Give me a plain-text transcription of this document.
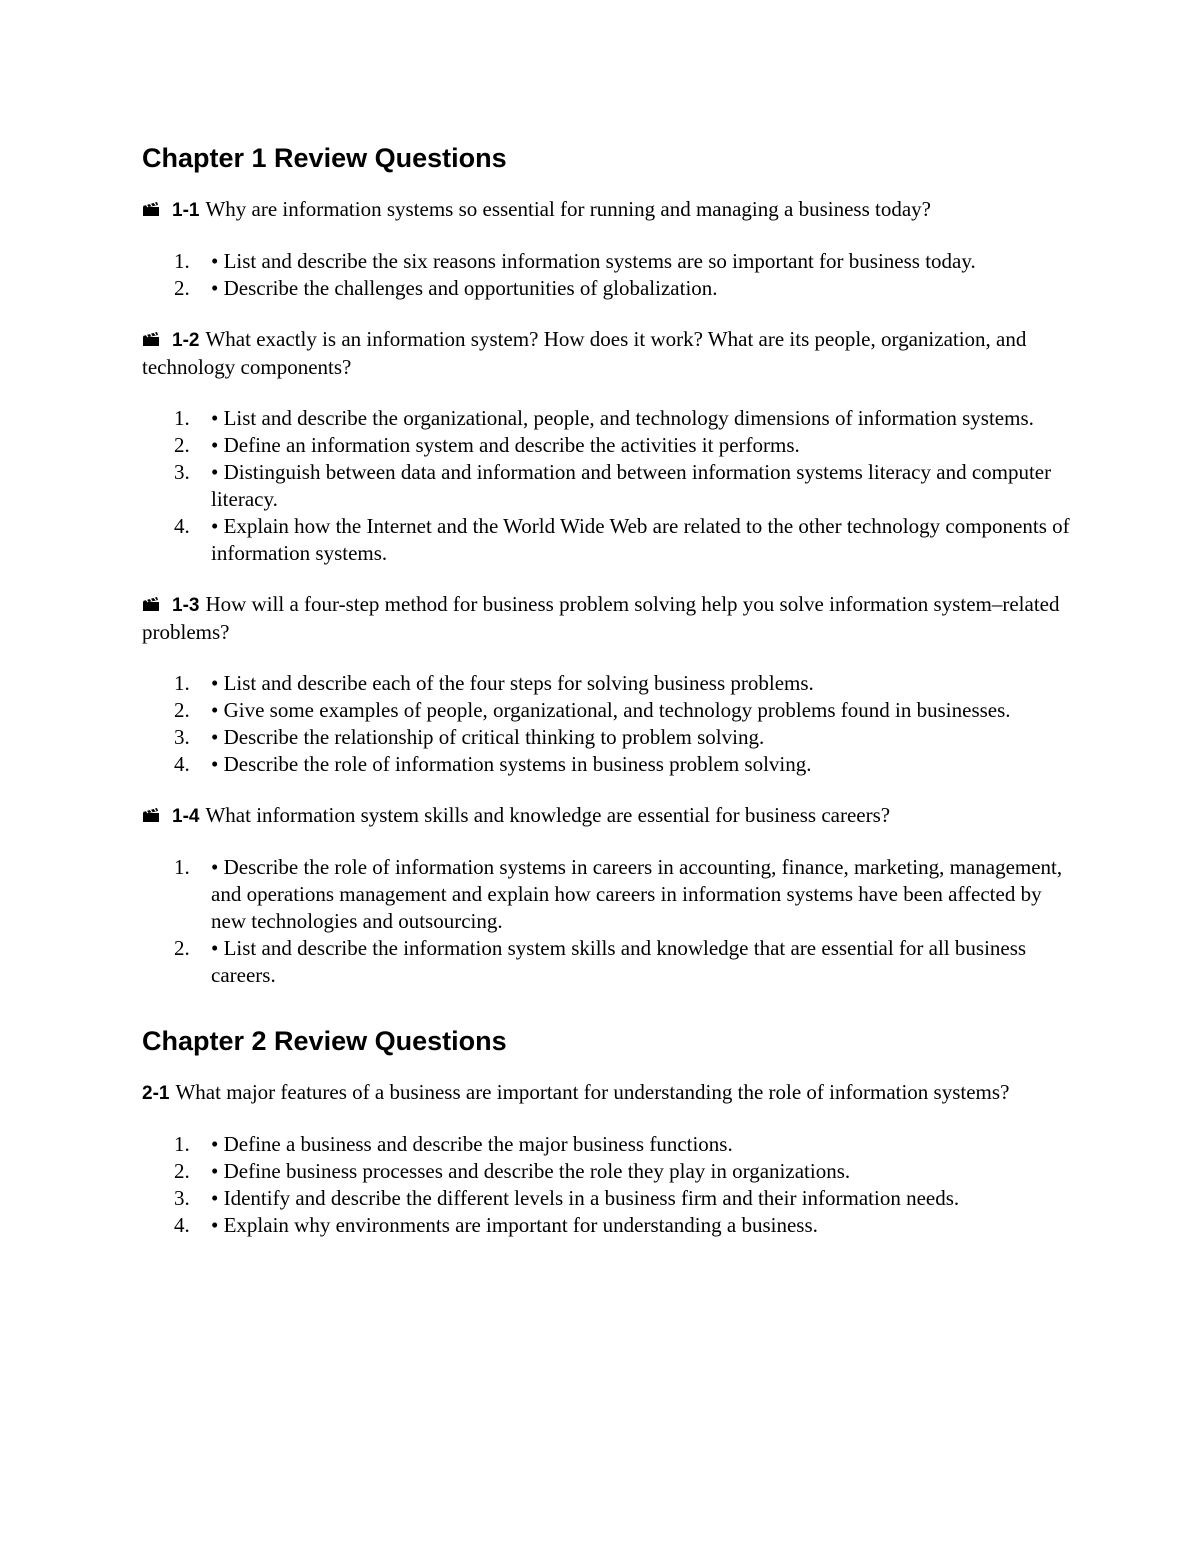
Chapter 1 Review Questions

1-1 Why are information systems so essential for running and managing a business today?

1. • List and describe the six reasons information systems are so important for business today.
2. • Describe the challenges and opportunities of globalization.

1-2 What exactly is an information system? How does it work? What are its people, organization, and technology components?

1. • List and describe the organizational, people, and technology dimensions of information systems.
2. • Define an information system and describe the activities it performs.
3. • Distinguish between data and information and between information systems literacy and computer literacy.
4. • Explain how the Internet and the World Wide Web are related to the other technology components of information systems.

1-3 How will a four-step method for business problem solving help you solve information system–related problems?

1. • List and describe each of the four steps for solving business problems.
2. • Give some examples of people, organizational, and technology problems found in businesses.
3. • Describe the relationship of critical thinking to problem solving.
4. • Describe the role of information systems in business problem solving.

1-4 What information system skills and knowledge are essential for business careers?

1. • Describe the role of information systems in careers in accounting, finance, marketing, management, and operations management and explain how careers in information systems have been affected by new technologies and outsourcing.
2. • List and describe the information system skills and knowledge that are essential for all business careers.
Chapter 2 Review Questions

2-1 What major features of a business are important for understanding the role of information systems?

1. • Define a business and describe the major business functions.
2. • Define business processes and describe the role they play in organizations.
3. • Identify and describe the different levels in a business firm and their information needs.
4. • Explain why environments are important for understanding a business.
